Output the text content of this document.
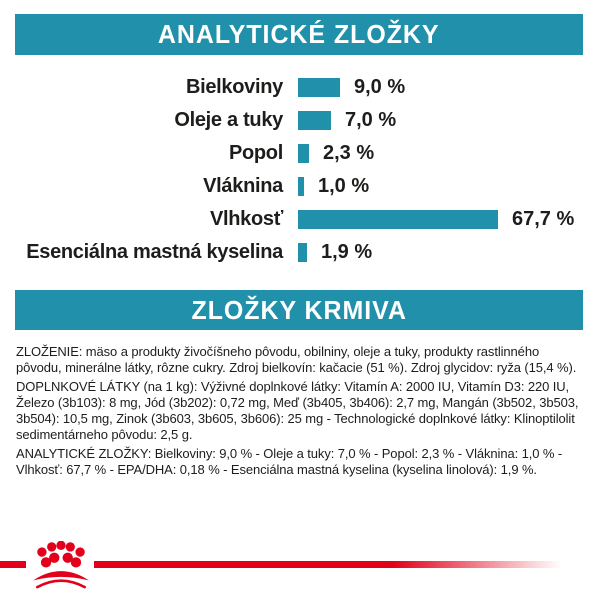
ANALYTICKÉ ZLOŽKY
Bielkoviny	9,0 %
Oleje a tuky	7,0 %
Popol 2,3 %
Vláknina 1,0 %
Vlhkosť	67,7 %
Esenciálna mastná kyselina 1,9 %
ZLOŽKY KRMIVA

ZLOŽENIE: mäso a produkty živočíšneho pôvodu, obilniny, oleje a tuky, produkty rastlinného pôvodu, minerálne látky, rôzne cukry. Zdroj bielkovín: kačacie (51 %). Zdroj glycidov: ryža (15,4 %).

DOPLNKOVÉ LÁTKY (na 1 kg): Výživné doplnkové látky: Vitamín A: 2000 IU, Vitamín D3: 220 IU, Železo (3b103): 8 mg, Jód (3b202): 0,72 mg, Meď (3b405, 3b406): 2,7 mg, Mangán (3b502, 3b503, 3b504): 10,5 mg, Zinok (3b603, 3b605, 3b606): 25 mg - Technologické doplnkové látky: Klinoptilolit sedimentárneho pôvodu: 2,5 g.

ANALYTICKÉ ZLOŽKY: Bielkoviny: 9,0 % - Oleje a tuky: 7,0 % - Popol: 2,3 % - Vláknina: 1,0 % - Vlhkosť: 67,7 % - EPA/DHA: 0,18 % - Esenciálna mastná kyselina (kyselina linolová): 1,9 %.
